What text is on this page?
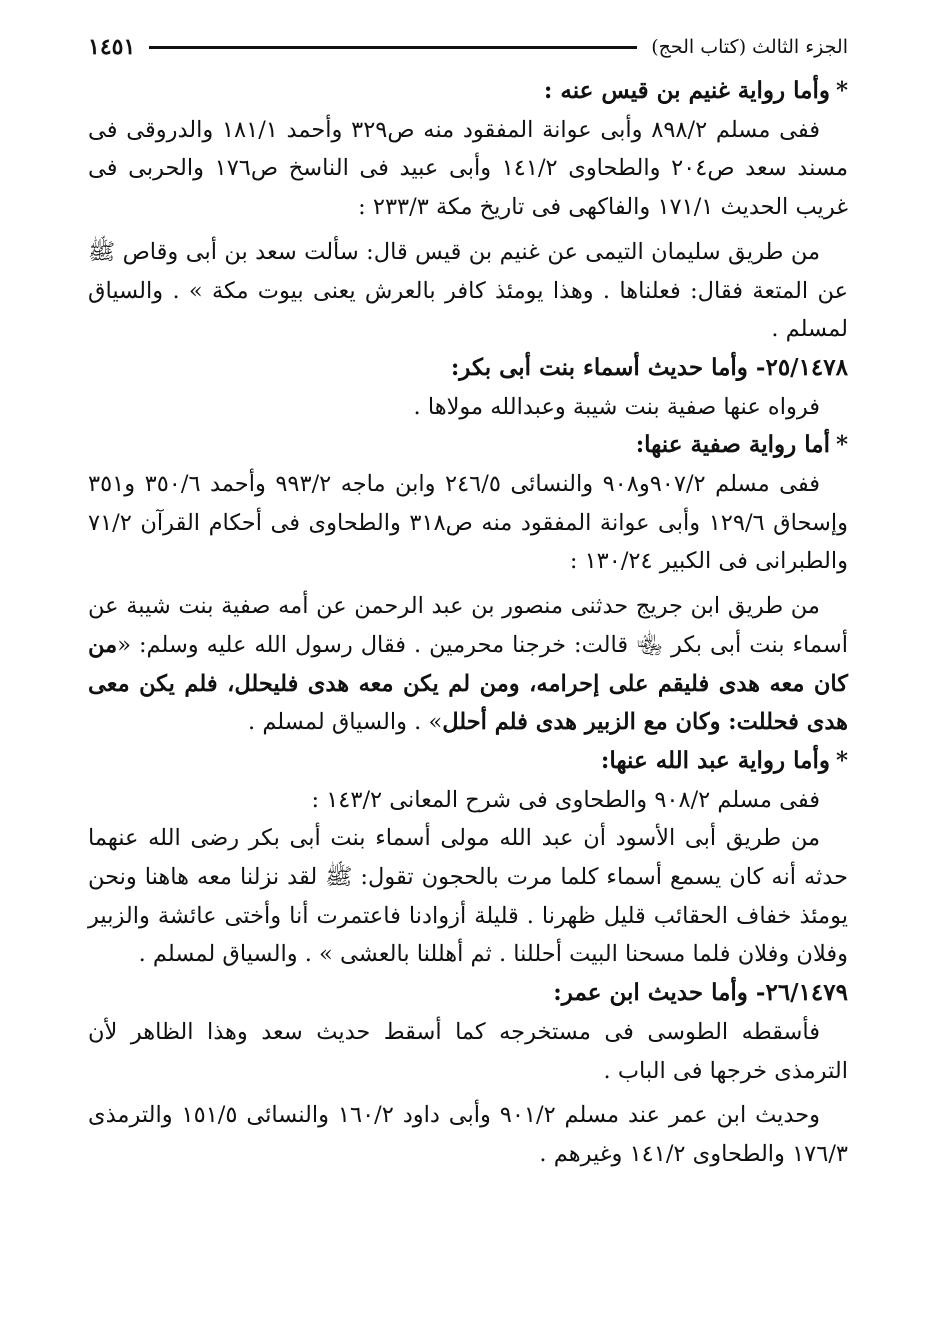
الجزء الثالث (كتاب الحج)
١٤٥١

*وأما رواية غنيم بن قيس عنه :

ففى مسلم ٨٩٨/٢ وأبى عوانة المفقود منه ص٣٢٩ وأحمد ١٨١/١ والدروقى فى مسند سعد ص٢٠٤ والطحاوى ١٤١/٢ وأبى عبيد فى الناسخ ص١٧٦ والحربى فى غريب الحديث ١٧١/١ والفاكهى فى تاريخ مكة ٢٣٣/٣ :

من طريق سليمان التيمى عن غنيم بن قيس قال: سألت سعد بن أبى وقاص ﷺ عن المتعة فقال: فعلناها . وهذا يومئذ كافر بالعرش يعنى بيوت مكة » . والسياق لمسلم .

٢٥/١٤٧٨- وأما حديث أسماء بنت أبى بكر:

فرواه عنها صفية بنت شيبة وعبدالله مولاها .

*أما رواية صفية عنها:

ففى مسلم ٩٠٧/٢و٩٠٨ والنسائى ٢٤٦/٥ وابن ماجه ٩٩٣/٢ وأحمد ٣٥٠/٦ و٣٥١ وإسحاق ١٢٩/٦ وأبى عوانة المفقود منه ص٣١٨ والطحاوى فى أحكام القرآن ٧١/٢ والطبرانى فى الكبير ١٣٠/٢٤ :

من طريق ابن جريج حدثنى منصور بن عبد الرحمن عن أمه صفية بنت شيبة عن أسماء بنت أبى بكر ﵄ قالت: خرجنا محرمين . فقال رسول الله عليه وسلم: «من كان معه هدى فليقم على إحرامه، ومن لم يكن معه هدى فليحلل، فلم يكن معى هدى فحللت: وكان مع الزبير هدى فلم أحلل» . والسياق لمسلم .

*وأما رواية عبد الله عنها:

ففى مسلم ٩٠٨/٢ والطحاوى فى شرح المعانى ١٤٣/٢ :

من طريق أبى الأسود أن عبد الله مولى أسماء بنت أبى بكر رضى الله عنهما حدثه أنه كان يسمع أسماء كلما مرت بالحجون تقول: ﷺ لقد نزلنا معه هاهنا ونحن يومئذ خفاف الحقائب قليل ظهرنا . قليلة أزوادنا فاعتمرت أنا وأختى عائشة والزبير وفلان وفلان فلما مسحنا البيت أحللنا . ثم أهللنا بالعشى » . والسياق لمسلم .

٢٦/١٤٧٩- وأما حديث ابن عمر:

فأسقطه الطوسى فى مستخرجه كما أسقط حديث سعد وهذا الظاهر لأن الترمذى خرجها فى الباب .

وحديث ابن عمر عند مسلم ٩٠١/٢ وأبى داود ١٦٠/٢ والنسائى ١٥١/٥ والترمذى ١٧٦/٣ والطحاوى ١٤١/٢ وغيرهم .
